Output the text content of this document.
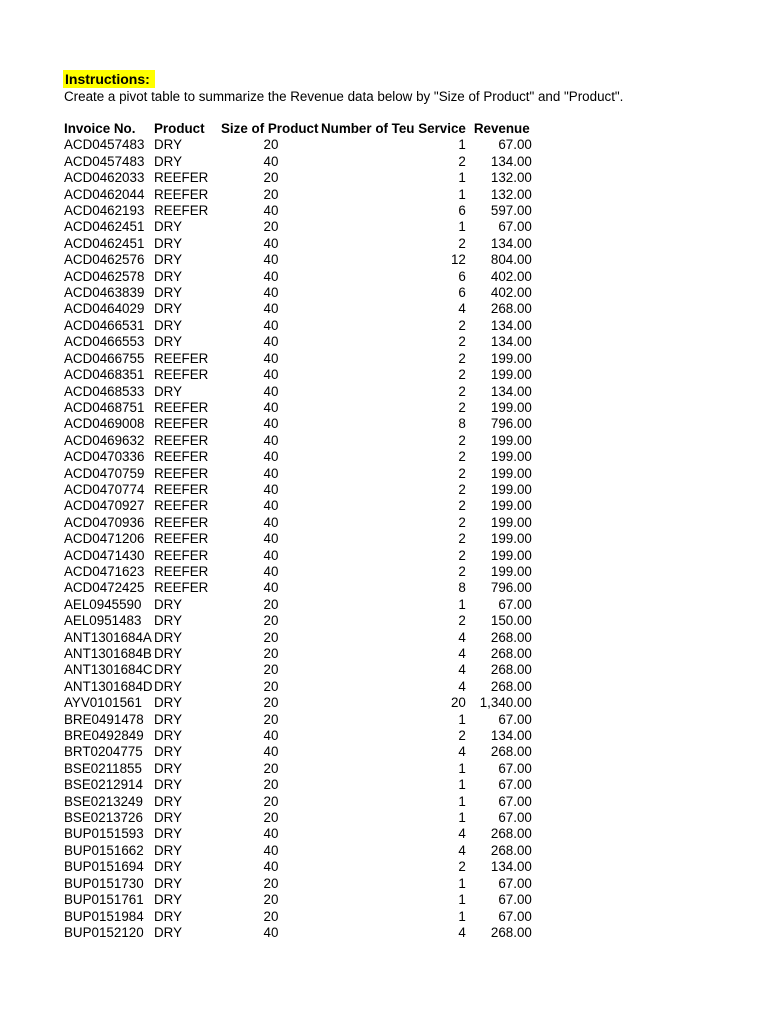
Instructions:
Create a pivot table to summarize the Revenue data below by "Size of Product" and "Product".
Invoice No.	Product	Size of Product	Number of Teu Service	Revenue
ACD0457483	DRY	20	1	67.00
ACD0457483	DRY	40	2	134.00
ACD0462033	REEFER	20	1	132.00
ACD0462044	REEFER	20	1	132.00
ACD0462193	REEFER	40	6	597.00
ACD0462451	DRY	20	1	67.00
ACD0462451	DRY	40	2	134.00
ACD0462576	DRY	40	12	804.00
ACD0462578	DRY	40	6	402.00
ACD0463839	DRY	40	6	402.00
ACD0464029	DRY	40	4	268.00
ACD0466531	DRY	40	2	134.00
ACD0466553	DRY	40	2	134.00
ACD0466755	REEFER	40	2	199.00
ACD0468351	REEFER	40	2	199.00
ACD0468533	DRY	40	2	134.00
ACD0468751	REEFER	40	2	199.00
ACD0469008	REEFER	40	8	796.00
ACD0469632	REEFER	40	2	199.00
ACD0470336	REEFER	40	2	199.00
ACD0470759	REEFER	40	2	199.00
ACD0470774	REEFER	40	2	199.00
ACD0470927	REEFER	40	2	199.00
ACD0470936	REEFER	40	2	199.00
ACD0471206	REEFER	40	2	199.00
ACD0471430	REEFER	40	2	199.00
ACD0471623	REEFER	40	2	199.00
ACD0472425	REEFER	40	8	796.00
AEL0945590	DRY	20	1	67.00
AEL0951483	DRY	20	2	150.00
ANT1301684A	DRY	20	4	268.00
ANT1301684B	DRY	20	4	268.00
ANT1301684C	DRY	20	4	268.00
ANT1301684D	DRY	20	4	268.00
AYV0101561	DRY	20	20	1,340.00
BRE0491478	DRY	20	1	67.00
BRE0492849	DRY	40	2	134.00
BRT0204775	DRY	40	4	268.00
BSE0211855	DRY	20	1	67.00
BSE0212914	DRY	20	1	67.00
BSE0213249	DRY	20	1	67.00
BSE0213726	DRY	20	1	67.00
BUP0151593	DRY	40	4	268.00
BUP0151662	DRY	40	4	268.00
BUP0151694	DRY	40	2	134.00
BUP0151730	DRY	20	1	67.00
BUP0151761	DRY	20	1	67.00
BUP0151984	DRY	20	1	67.00
BUP0152120	DRY	40	4	268.00
